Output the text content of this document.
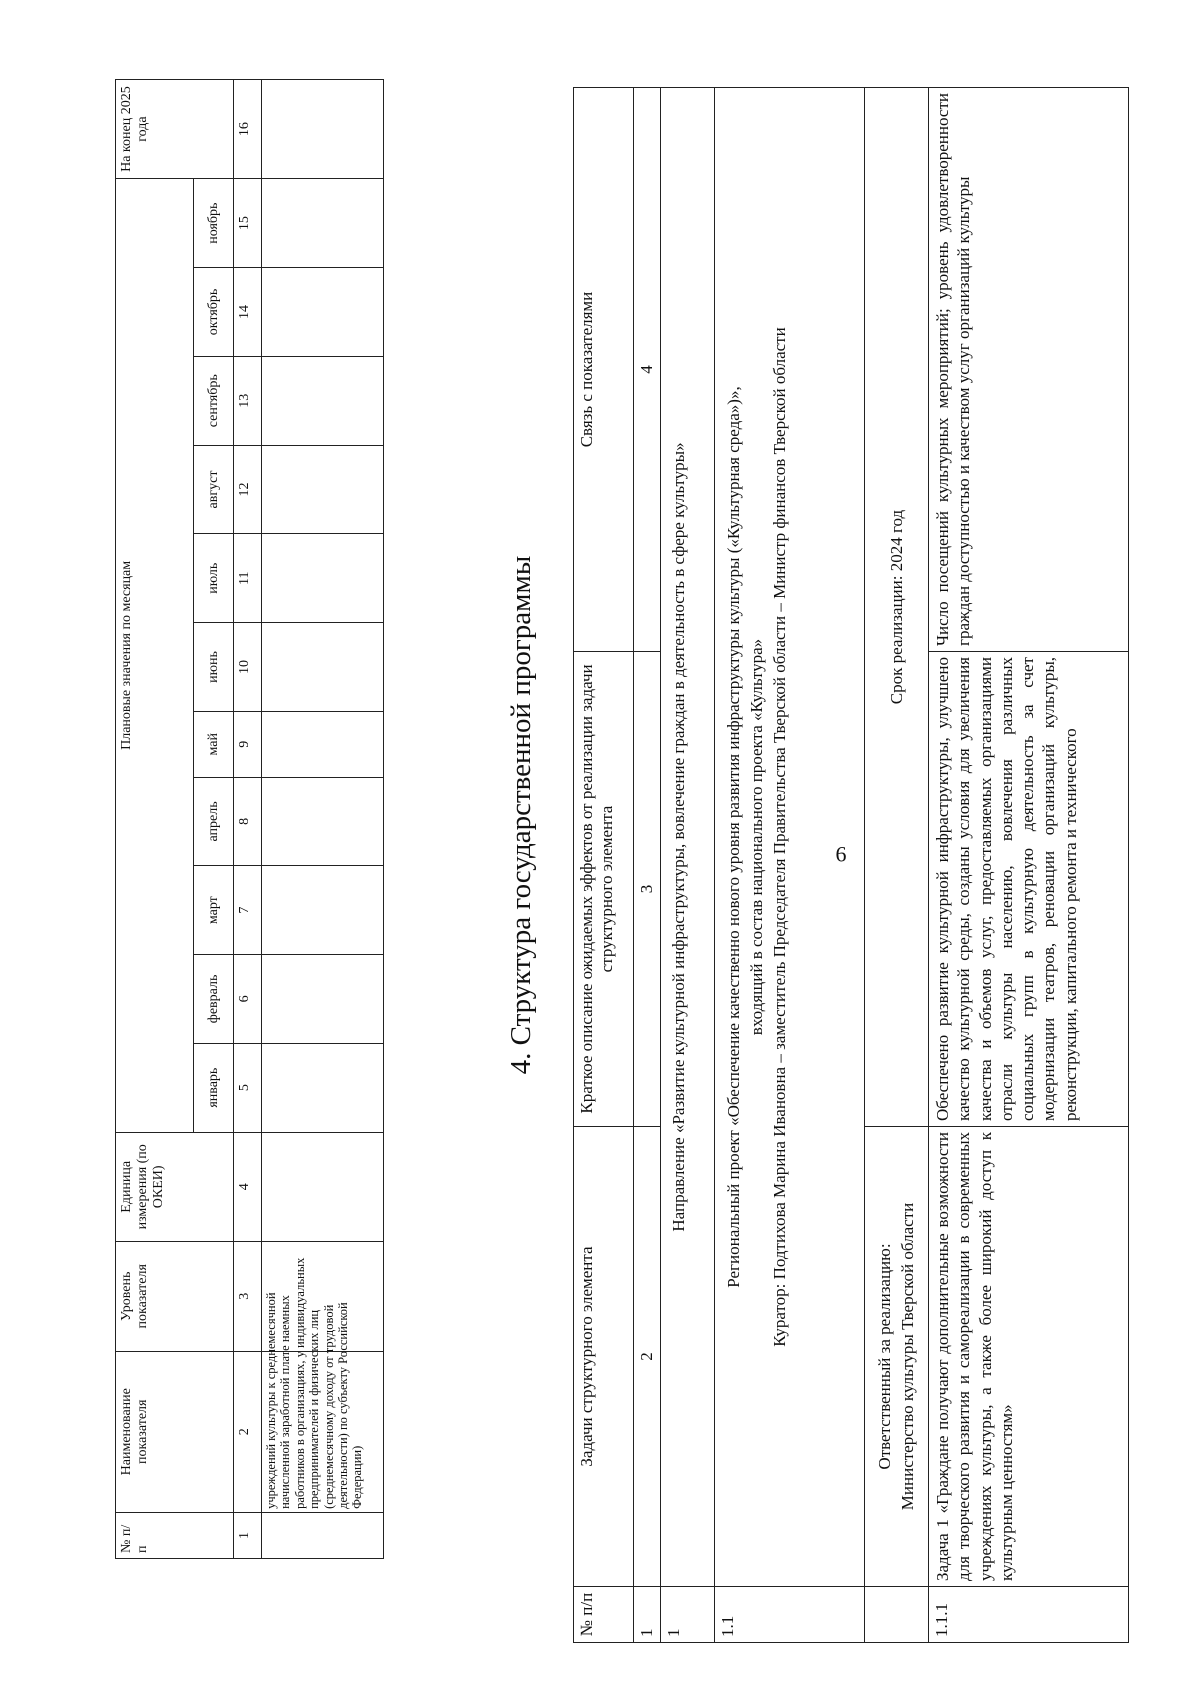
6
№ п/п	Наименование показателя	Уровень показателя	Единица измерения (по ОКЕИ)	Плановые значения по месяцам											На конец 2025 года
				январь	февраль	март	апрель	май	июнь	июль	август	сентябрь	октябрь	ноябрь	
1	2	3	4	5	6	7	8	9	10	11	12	13	14	15	16

	учреждений культуры к среднемесячной начисленной заработной плате наемных работников в организациях, у индивидуальных предпринимателей и физических лиц (среднемесячному доходу от трудовой деятельности) по субъекту Российской Федерации)														

4. Структура государственной программы
№ п/п	Задачи структурного элемента	Краткое описание ожидаемых эффектов от реализации задачи структурного элемента	Связь с показателями
1	2	3	4
1	Направление «Развитие культурной инфраструктуры, вовлечение граждан в деятельность в сфере культуры»		
1.1	Региональный проект «Обеспечение качественно нового уровня развития инфраструктуры культуры («Культурная среда»)», входящий в состав национального проекта «Культура» Куратор: Подтихова Марина Ивановна – заместитель Председателя Правительства Тверской области – Министр финансов Тверской области		

	Ответственный за реализацию: Министерство культуры Тверской области	Срок реализации: 2024 год	
1.1.1	Задача 1 «Граждане получают дополнительные возможности для творческого развития и самореализации в современных учреждениях культуры, а также более широкий доступ к культурным ценностям»	Обеспечено развитие культурной инфраструктуры, улучшено качество культурной среды, созданы условия для увеличения качества и объемов услуг, предоставляемых организациями отрасли культуры населению, вовлечения различных социальных групп в культурную деятельность за счет модернизации театров, реновации организаций культуры, реконструкции, капитального ремонта и технического	Число посещений культурных мероприятий; уровень удовлетворенности граждан доступностью и качеством услуг организаций культуры
